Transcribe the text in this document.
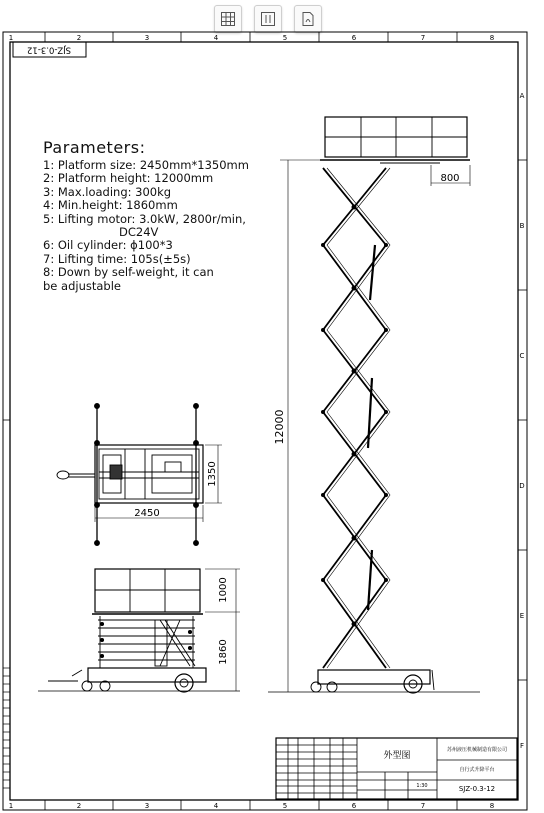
1	2	3	4	5	6	7	8
1	2	3	4	5	6	7	8
A
B
C
D
E
F
SJZ-0.3-12
2450
1350
1000
1860
800
12000
外型图
苏州液压机械制造有限公司
自行式升降平台
1:30	SJZ-0.3-12
Parameters:
1: Platform size: 2450mm*1350mm
2: Platform height: 12000mm
3: Max.loading: 300kg
4: Min.height: 1860mm
5: Lifting motor: 3.0kW, 2800r/min,
DC24V
6: Oil cylinder: ϕ100*3
7: Lifting time: 105s(±5s)
8: Down by self-weight, it can
be adjustable
